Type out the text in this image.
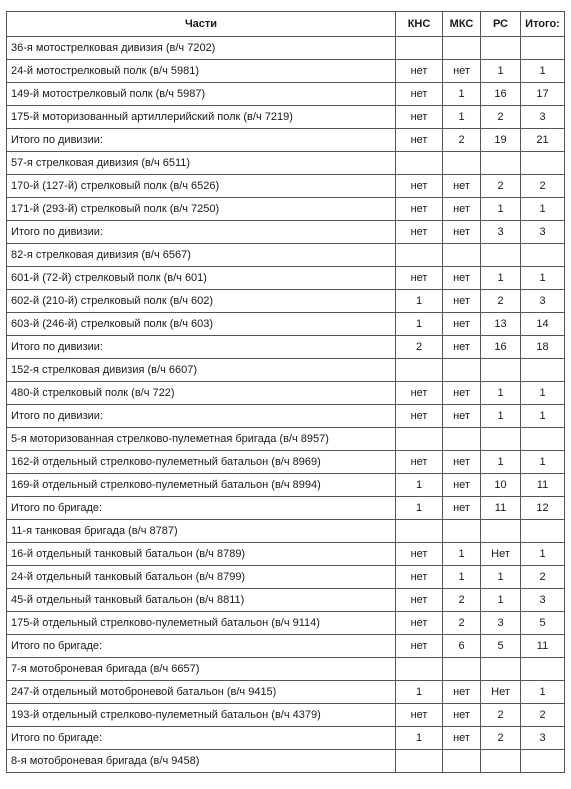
Части	КНС	МКС	РС	Итого:
36-я мотострелковая дивизия (в/ч 7202)				
24-й мотострелковый полк (в/ч 5981)	нет	нет	1	1
149-й мотострелковый полк (в/ч 5987)	нет	1	16	17
175-й моторизованный артиллерийский полк (в/ч 7219)	нет	1	2	3
Итого по дивизии:	нет	2	19	21
57-я стрелковая дивизия (в/ч 6511)				
170-й (127-й) стрелковый полк (в/ч 6526)	нет	нет	2	2
171-й (293-й) стрелковый полк (в/ч 7250)	нет	нет	1	1
Итого по дивизии:	нет	нет	3	3
82-я стрелковая дивизия (в/ч 6567)				
601-й (72-й) стрелковый полк (в/ч 601)	нет	нет	1	1
602-й (210-й) стрелковый полк (в/ч 602)	1	нет	2	3
603-й (246-й) стрелковый полк (в/ч 603)	1	нет	13	14
Итого по дивизии:	2	нет	16	18
152-я стрелковая дивизия (в/ч 6607)				
480-й стрелковый полк (в/ч 722)	нет	нет	1	1
Итого по дивизии:	нет	нет	1	1
5-я моторизованная стрелково-пулеметная бригада (в/ч 8957)				
162-й отдельный стрелково-пулеметный батальон (в/ч 8969)	нет	нет	1	1
169-й отдельный стрелково-пулеметный батальон (в/ч 8994)	1	нет	10	11
Итого по бригаде:	1	нет	11	12
11-я танковая бригада (в/ч 8787)				
16-й отдельный танковый батальон (в/ч 8789)	нет	1	Нет	1
24-й отдельный танковый батальон (в/ч 8799)	нет	1	1	2
45-й отдельный танковый батальон (в/ч 8811)	нет	2	1	3
175-й отдельный стрелково-пулеметный батальон (в/ч 9114)	нет	2	3	5
Итого по бригаде:	нет	6	5	11
7-я мотоброневая бригада (в/ч 6657)				
247-й отдельный мотоброневой батальон (в/ч 9415)	1	нет	Нет	1
193-й отдельный стрелково-пулеметный батальон (в/ч 4379)	нет	нет	2	2
Итого по бригаде:	1	нет	2	3
8-я мотоброневая бригада (в/ч 9458)				
